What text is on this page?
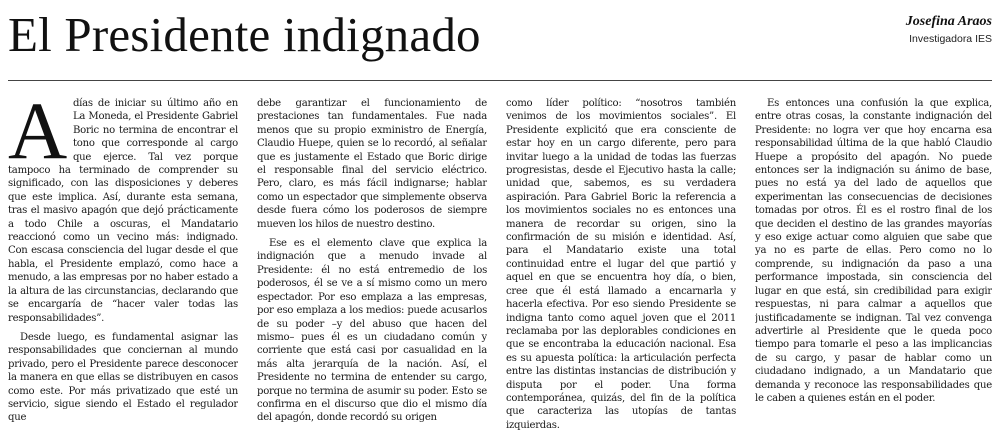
El Presidente indignado	Josefina Araos
Investigadora IES

Adías de iniciar su último año en La Moneda, el Presidente Gabriel Boric no termina de encontrar el tono que corresponde al cargo que ejerce. Tal vez porque tampoco ha terminado de comprender su significado, con las disposiciones y deberes que este implica. Así, durante esta semana, tras el masivo apagón que dejó prácticamente a todo Chile a oscuras, el Mandatario reaccionó como un vecino más: indignado. Con escasa consciencia del lugar desde el que habla, el Presidente emplazó, como hace a menudo, a las empresas por no haber estado a la altura de las circunstancias, declarando que se encargaría de “hacer valer todas las responsabilidades”.

Desde luego, es fundamental asignar las responsabilidades que conciernan al mundo privado, pero el Presidente parece desconocer la manera en que ellas se distribuyen en casos como este. Por más privatizado que esté un servicio, sigue siendo el Estado el regulador que

debe garantizar el funcionamiento de prestaciones tan fundamentales. Fue nada menos que su propio exministro de Energía, Claudio Huepe, quien se lo recordó, al señalar que es justamente el Estado que Boric dirige el responsable final del servicio eléctrico. Pero, claro, es más fácil indignarse; hablar como un espectador que simplemente observa desde fuera cómo los poderosos de siempre mueven los hilos de nuestro destino.

Ese es el elemento clave que explica la indignación que a menudo invade al Presidente: él no está entremedio de los poderosos, él se ve a sí mismo como un mero espectador. Por eso emplaza a las empresas, por eso emplaza a los medios: puede acusarlos de su poder –y del abuso que hacen del mismo– pues él es un ciudadano común y corriente que está casi por casualidad en la más alta jerarquía de la nación. Así, el Presidente no termina de entender su cargo, porque no termina de asumir su poder. Esto se confirma en el discurso que dio el mismo día del apagón, donde recordó su origen

como líder político: “nosotros también venimos de los movimientos sociales”. El Presidente explicitó que era consciente de estar hoy en un cargo diferente, pero para invitar luego a la unidad de todas las fuerzas progresistas, desde el Ejecutivo hasta la calle; unidad que, sabemos, es su verdadera aspiración. Para Gabriel Boric la referencia a los movimientos sociales no es entonces una manera de recordar su origen, sino la confirmación de su misión e identidad. Así, para el Mandatario existe una total continuidad entre el lugar del que partió y aquel en que se encuentra hoy día, o bien, cree que él está llamado a encarnarla y hacerla efectiva. Por eso siendo Presidente se indigna tanto como aquel joven que el 2011 reclamaba por las deplorables condiciones en que se encontraba la educación nacional. Esa es su apuesta política: la articulación perfecta entre las distintas instancias de distribución y disputa por el poder. Una forma contemporánea, quizás, del fin de la política que caracteriza las utopías de tantas izquierdas.

Es entonces una confusión la que explica, entre otras cosas, la constante indignación del Presidente: no logra ver que hoy encarna esa responsabilidad última de la que habló Claudio Huepe a propósito del apagón. No puede entonces ser la indignación su ánimo de base, pues no está ya del lado de aquellos que experimentan las consecuencias de decisiones tomadas por otros. Él es el rostro final de los que deciden el destino de las grandes mayorías y eso exige actuar como alguien que sabe que ya no es parte de ellas. Pero como no lo comprende, su indignación da paso a una performance impostada, sin consciencia del lugar en que está, sin credibilidad para exigir respuestas, ni para calmar a aquellos que justificadamente se indignan. Tal vez convenga advertirle al Presidente que le queda poco tiempo para tomarle el peso a las implicancias de su cargo, y pasar de hablar como un ciudadano indignado, a un Mandatario que demanda y reconoce las responsabilidades que le caben a quienes están en el poder.
